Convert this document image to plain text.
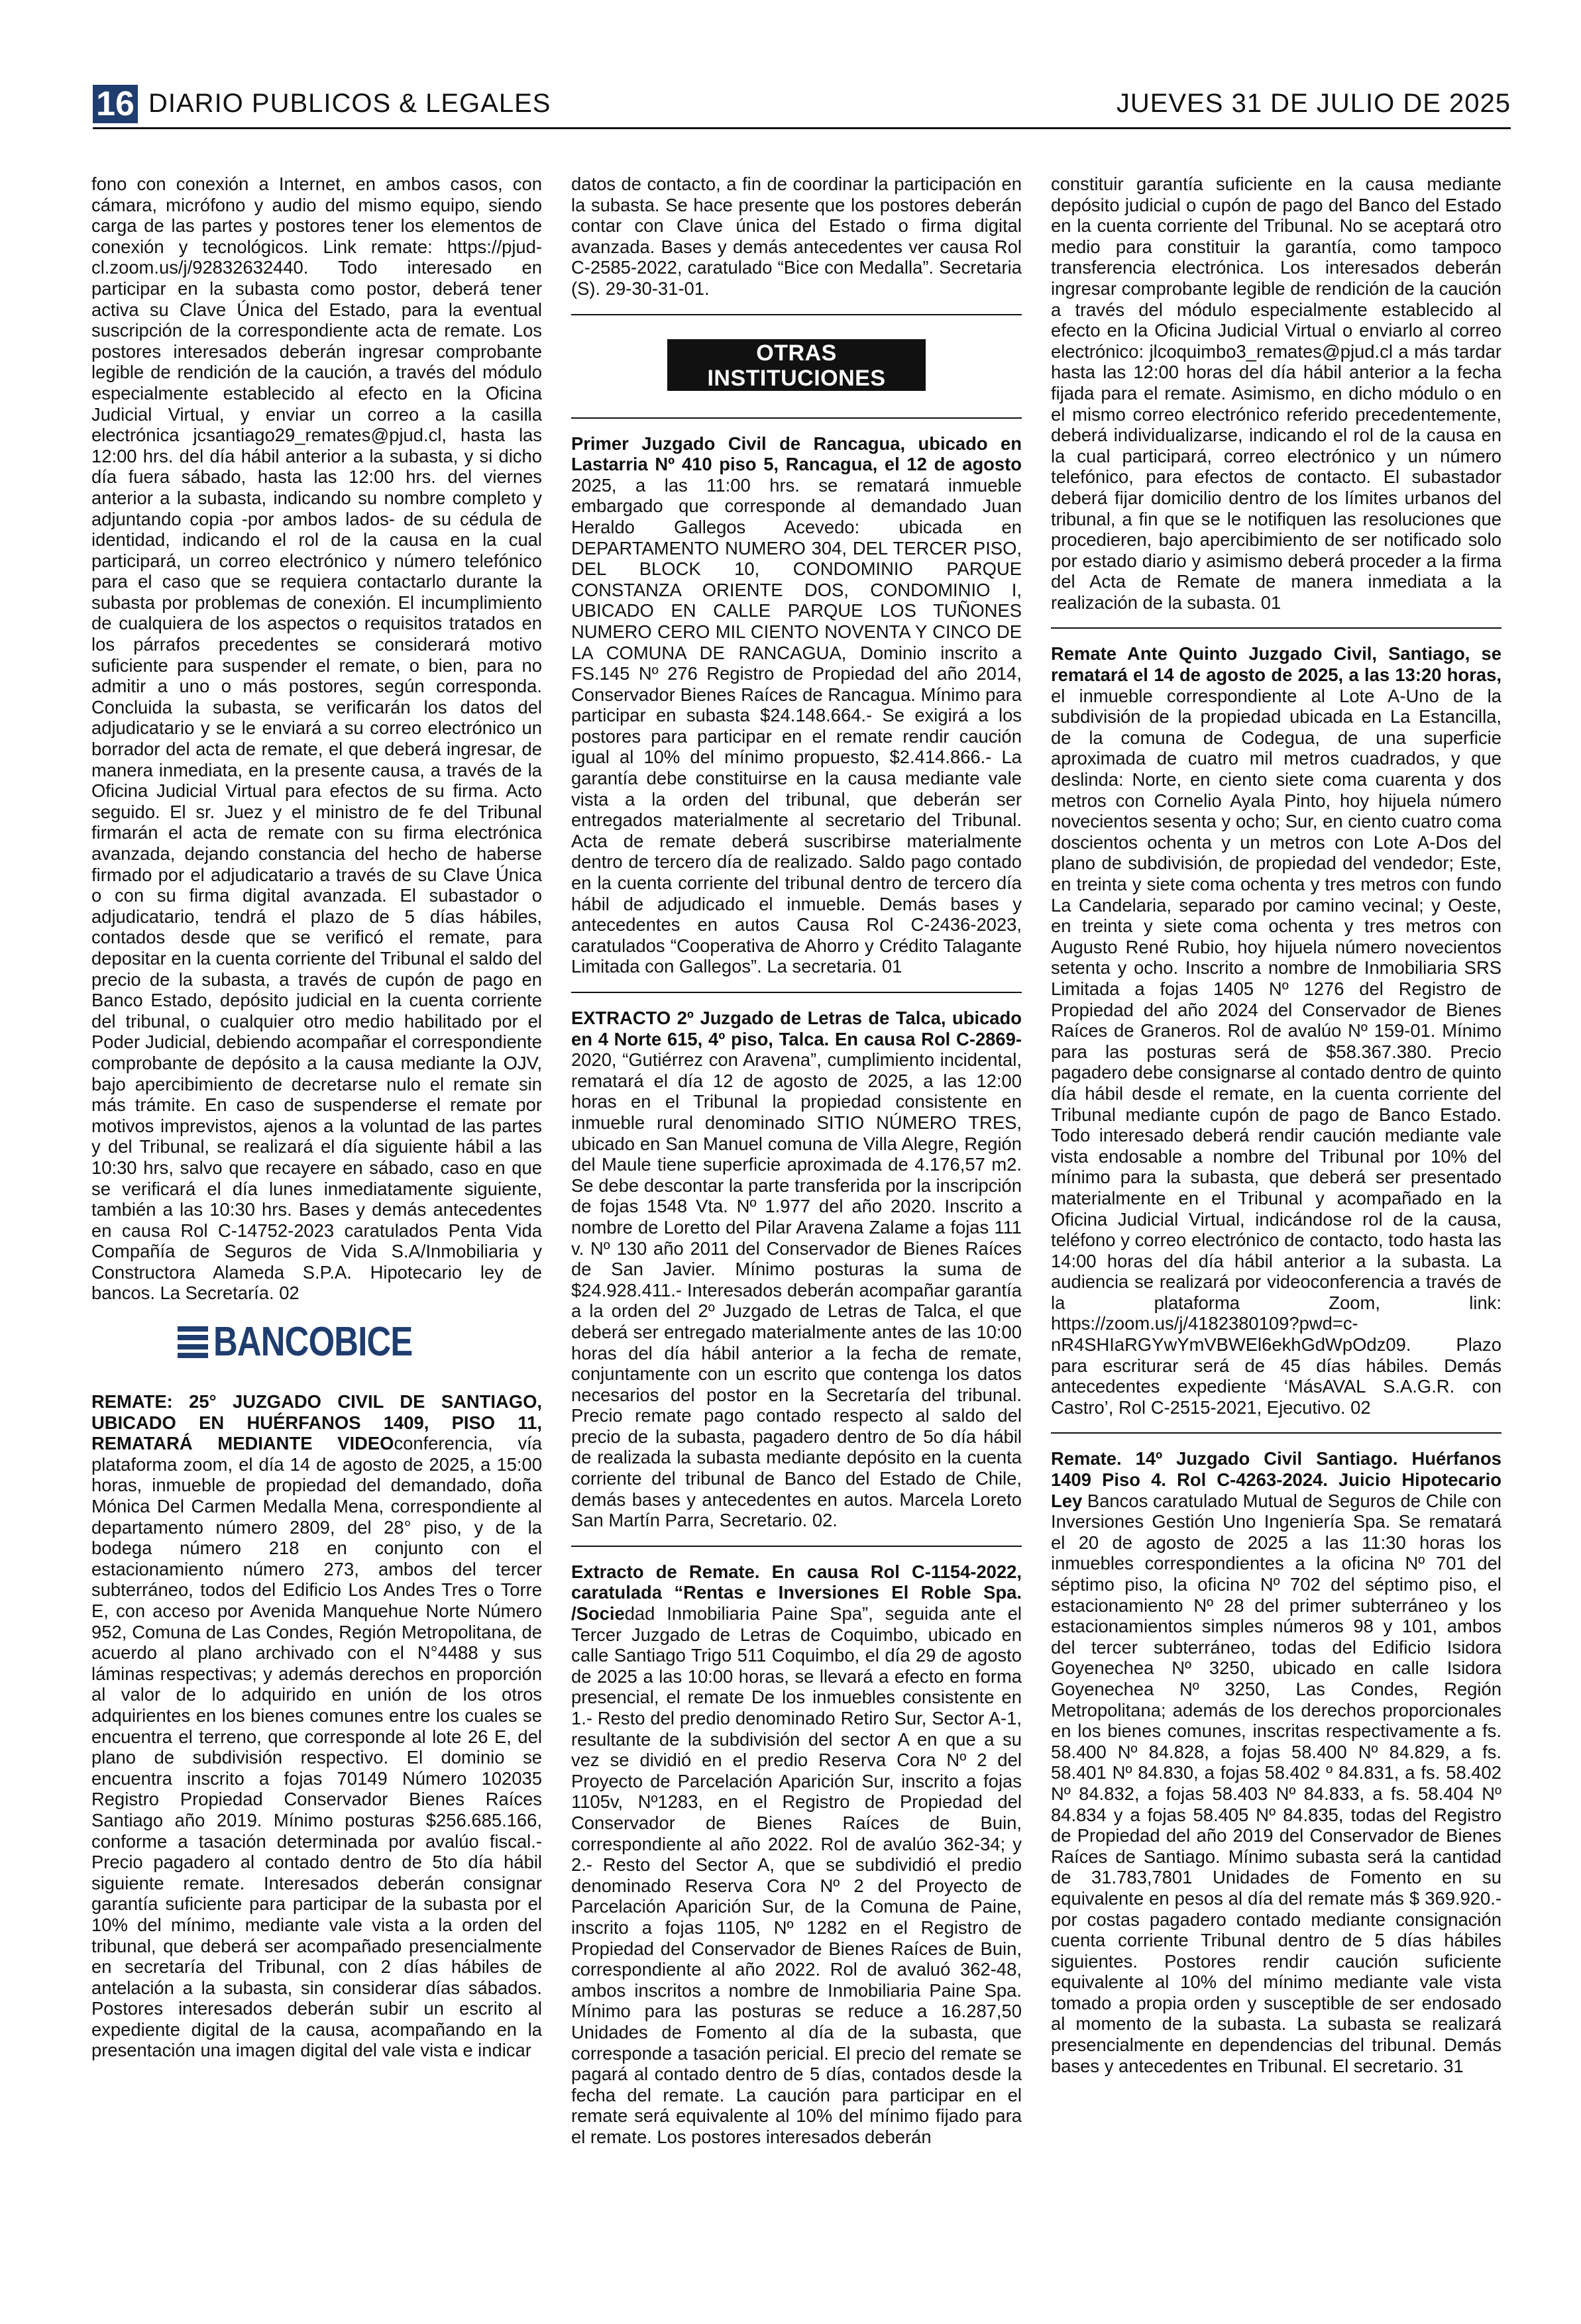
16 DIARIO PUBLICOS & LEGALES	JUEVES 31 DE JULIO DE 2025

fono con conexión a Internet, en ambos casos, con cámara, micrófono y audio del mismo equipo, siendo carga de las partes y postores tener los elementos de conexión y tecnológicos. Link remate: https://pjud-cl.zoom.us/j/92832632440. Todo interesado en participar en la subasta como postor, deberá tener activa su Clave Única del Estado, para la eventual suscripción de la correspondiente acta de remate. Los postores interesados deberán ingresar comprobante legible de rendición de la caución, a través del módulo especialmente establecido al efecto en la Oficina Judicial Virtual, y enviar un correo a la casilla electrónica jcsantiago29_remates@pjud.cl, hasta las 12:00 hrs. del día hábil anterior a la subasta, y si dicho día fuera sábado, hasta las 12:00 hrs. del viernes anterior a la subasta, indicando su nombre completo y adjuntando copia -por ambos lados- de su cédula de identidad, indicando el rol de la causa en la cual participará, un correo electrónico y número telefónico para el caso que se requiera contactarlo durante la subasta por problemas de conexión. El incumplimiento de cualquiera de los aspectos o requisitos tratados en los párrafos precedentes se considerará motivo suficiente para suspender el remate, o bien, para no admitir a uno o más postores, según corresponda. Concluida la subasta, se verificarán los datos del adjudicatario y se le enviará a su correo electrónico un borrador del acta de remate, el que deberá ingresar, de manera inmediata, en la presente causa, a través de la Oficina Judicial Virtual para efectos de su firma. Acto seguido. El sr. Juez y el ministro de fe del Tribunal firmarán el acta de remate con su firma electrónica avanzada, dejando constancia del hecho de haberse firmado por el adjudicatario a través de su Clave Única o con su firma digital avanzada. El subastador o adjudicatario, tendrá el plazo de 5 días hábiles, contados desde que se verificó el remate, para depositar en la cuenta corriente del Tribunal el saldo del precio de la subasta, a través de cupón de pago en Banco Estado, depósito judicial en la cuenta corriente del tribunal, o cualquier otro medio habilitado por el Poder Judicial, debiendo acompañar el correspondiente comprobante de depósito a la causa mediante la OJV, bajo apercibimiento de decretarse nulo el remate sin más trámite. En caso de suspenderse el remate por motivos imprevistos, ajenos a la voluntad de las partes y del Tribunal, se realizará el día siguiente hábil a las 10:30 hrs, salvo que recayere en sábado, caso en que se verificará el día lunes inmediatamente siguiente, también a las 10:30 hrs. Bases y demás antecedentes en causa Rol C-14752-2023 caratulados Penta Vida Compañía de Seguros de Vida S.A/Inmobiliaria y Constructora Alameda S.P.A. Hipotecario ley de bancos. La Secretaría. 02

BANCOBICE

REMATE: 25° JUZGADO CIVIL DE SANTIAGO, UBICADO EN HUÉRFANOS 1409, PISO 11, REMATARÁ MEDIANTE VIDEOconferencia, vía plataforma zoom, el día 14 de agosto de 2025, a 15:00 horas, inmueble de propiedad del demandado, doña Mónica Del Carmen Medalla Mena, correspondiente al departamento número 2809, del 28° piso, y de la bodega número 218 en conjunto con el estacionamiento número 273, ambos del tercer subterráneo, todos del Edificio Los Andes Tres o Torre E, con acceso por Avenida Manquehue Norte Número 952, Comuna de Las Condes, Región Metropolitana, de acuerdo al plano archivado con el N°4488 y sus láminas respectivas; y además derechos en proporción al valor de lo adquirido en unión de los otros adquirientes en los bienes comunes entre los cuales se encuentra el terreno, que corresponde al lote 26 E, del plano de subdivisión respectivo. El dominio se encuentra inscrito a fojas 70149 Número 102035 Registro Propiedad Conservador Bienes Raíces Santiago año 2019. Mínimo posturas $256.685.166, conforme a tasación determinada por avalúo fiscal.- Precio pagadero al contado dentro de 5to día hábil siguiente remate. Interesados deberán consignar garantía suficiente para participar de la subasta por el 10% del mínimo, mediante vale vista a la orden del tribunal, que deberá ser acompañado presencialmente en secretaría del Tribunal, con 2 días hábiles de antelación a la subasta, sin considerar días sábados. Postores interesados deberán subir un escrito al expediente digital de la causa, acompañando en la presentación una imagen digital del vale vista e indicar

datos de contacto, a fin de coordinar la participación en la subasta. Se hace presente que los postores deberán contar con Clave única del Estado o firma digital avanzada. Bases y demás antecedentes ver causa Rol C-2585-2022, caratulado “Bice con Medalla”. Secretaria (S). 29-30-31-01.

OTRAS INSTITUCIONES
Y PARTICULARES

Primer Juzgado Civil de Rancagua, ubicado en Lastarria Nº 410 piso 5, Rancagua, el 12 de agosto 2025, a las 11:00 hrs. se rematará inmueble embargado que corresponde al demandado Juan Heraldo Gallegos Acevedo: ubicada en DEPARTAMENTO NUMERO 304, DEL TERCER PISO, DEL BLOCK 10, CONDOMINIO PARQUE CONSTANZA ORIENTE DOS, CONDOMINIO I, UBICADO EN CALLE PARQUE LOS TUÑONES NUMERO CERO MIL CIENTO NOVENTA Y CINCO DE LA COMUNA DE RANCAGUA, Dominio inscrito a FS.145 Nº 276 Registro de Propiedad del año 2014, Conservador Bienes Raíces de Rancagua. Mínimo para participar en subasta $24.148.664.- Se exigirá a los postores para participar en el remate rendir caución igual al 10% del mínimo propuesto, $2.414.866.- La garantía debe constituirse en la causa mediante vale vista a la orden del tribunal, que deberán ser entregados materialmente al secretario del Tribunal. Acta de remate deberá suscribirse materialmente dentro de tercero día de realizado. Saldo pago contado en la cuenta corriente del tribunal dentro de tercero día hábil de adjudicado el inmueble. Demás bases y antecedentes en autos Causa Rol C-2436-2023, caratulados “Cooperativa de Ahorro y Crédito Talagante Limitada con Gallegos”. La secretaria. 01

EXTRACTO 2º Juzgado de Letras de Talca, ubicado en 4 Norte 615, 4º piso, Talca. En causa Rol C-2869-2020, “Gutiérrez con Aravena”, cumplimiento incidental, rematará el día 12 de agosto de 2025, a las 12:00 horas en el Tribunal la propiedad consistente en inmueble rural denominado SITIO NÚMERO TRES, ubicado en San Manuel comuna de Villa Alegre, Región del Maule tiene superficie aproximada de 4.176,57 m2. Se debe descontar la parte transferida por la inscripción de fojas 1548 Vta. Nº 1.977 del año 2020. Inscrito a nombre de Loretto del Pilar Aravena Zalame a fojas 111 v. Nº 130 año 2011 del Conservador de Bienes Raíces de San Javier. Mínimo posturas la suma de $24.928.411.- Interesados deberán acompañar garantía a la orden del 2º Juzgado de Letras de Talca, el que deberá ser entregado materialmente antes de las 10:00 horas del día hábil anterior a la fecha de remate, conjuntamente con un escrito que contenga los datos necesarios del postor en la Secretaría del tribunal. Precio remate pago contado respecto al saldo del precio de la subasta, pagadero dentro de 5o día hábil de realizada la subasta mediante depósito en la cuenta corriente del tribunal de Banco del Estado de Chile, demás bases y antecedentes en autos. Marcela Loreto San Martín Parra, Secretario. 02.

Extracto de Remate. En causa Rol C-1154-2022, caratulada “Rentas e Inversiones El Roble Spa. /Sociedad Inmobiliaria Paine Spa”, seguida ante el Tercer Juzgado de Letras de Coquimbo, ubicado en calle Santiago Trigo 511 Coquimbo, el día 29 de agosto de 2025 a las 10:00 horas, se llevará a efecto en forma presencial, el remate De los inmuebles consistente en 1.- Resto del predio denominado Retiro Sur, Sector A-1, resultante de la subdivisión del sector A en que a su vez se dividió en el predio Reserva Cora Nº 2 del Proyecto de Parcelación Aparición Sur, inscrito a fojas 1105v, Nº1283, en el Registro de Propiedad del Conservador de Bienes Raíces de Buin, correspondiente al año 2022. Rol de avalúo 362-34; y 2.- Resto del Sector A, que se subdividió el predio denominado Reserva Cora Nº 2 del Proyecto de Parcelación Aparición Sur, de la Comuna de Paine, inscrito a fojas 1105, Nº 1282 en el Registro de Propiedad del Conservador de Bienes Raíces de Buin, correspondiente al año 2022. Rol de avaluó 362-48, ambos inscritos a nombre de Inmobiliaria Paine Spa. Mínimo para las posturas se reduce a 16.287,50 Unidades de Fomento al día de la subasta, que corresponde a tasación pericial. El precio del remate se pagará al contado dentro de 5 días, contados desde la fecha del remate. La caución para participar en el remate será equivalente al 10% del mínimo fijado para el remate. Los postores interesados deberán

constituir garantía suficiente en la causa mediante depósito judicial o cupón de pago del Banco del Estado en la cuenta corriente del Tribunal. No se aceptará otro medio para constituir la garantía, como tampoco transferencia electrónica. Los interesados deberán ingresar comprobante legible de rendición de la caución a través del módulo especialmente establecido al efecto en la Oficina Judicial Virtual o enviarlo al correo electrónico: jlcoquimbo3_remates@pjud.cl a más tardar hasta las 12:00 horas del día hábil anterior a la fecha fijada para el remate. Asimismo, en dicho módulo o en el mismo correo electrónico referido precedentemente, deberá individualizarse, indicando el rol de la causa en la cual participará, correo electrónico y un número telefónico, para efectos de contacto. El subastador deberá fijar domicilio dentro de los límites urbanos del tribunal, a fin que se le notifiquen las resoluciones que procedieren, bajo apercibimiento de ser notificado solo por estado diario y asimismo deberá proceder a la firma del Acta de Remate de manera inmediata a la realización de la subasta. 01

Remate Ante Quinto Juzgado Civil, Santiago, se rematará el 14 de agosto de 2025, a las 13:20 horas, el inmueble correspondiente al Lote A-Uno de la subdivisión de la propiedad ubicada en La Estancilla, de la comuna de Codegua, de una superficie aproximada de cuatro mil metros cuadrados, y que deslinda: Norte, en ciento siete coma cuarenta y dos metros con Cornelio Ayala Pinto, hoy hijuela número novecientos sesenta y ocho; Sur, en ciento cuatro coma doscientos ochenta y un metros con Lote A-Dos del plano de subdivisión, de propiedad del vendedor; Este, en treinta y siete coma ochenta y tres metros con fundo La Candelaria, separado por camino vecinal; y Oeste, en treinta y siete coma ochenta y tres metros con Augusto René Rubio, hoy hijuela número novecientos setenta y ocho. Inscrito a nombre de Inmobiliaria SRS Limitada a fojas 1405 Nº 1276 del Registro de Propiedad del año 2024 del Conservador de Bienes Raíces de Graneros. Rol de avalúo Nº 159-01. Mínimo para las posturas será de $58.367.380. Precio pagadero debe consignarse al contado dentro de quinto día hábil desde el remate, en la cuenta corriente del Tribunal mediante cupón de pago de Banco Estado. Todo interesado deberá rendir caución mediante vale vista endosable a nombre del Tribunal por 10% del mínimo para la subasta, que deberá ser presentado materialmente en el Tribunal y acompañado en la Oficina Judicial Virtual, indicándose rol de la causa, teléfono y correo electrónico de contacto, todo hasta las 14:00 horas del día hábil anterior a la subasta. La audiencia se realizará por videoconferencia a través de la plataforma Zoom, link: https://zoom.us/j/4182380109?pwd=c-nR4SHIaRGYwYmVBWEl6ekhGdWpOdz09. Plazo para escriturar será de 45 días hábiles. Demás antecedentes expediente ‘MásAVAL S.A.G.R. con Castro’, Rol C-2515-2021, Ejecutivo. 02

Remate. 14º Juzgado Civil Santiago. Huérfanos 1409 Piso 4. Rol C-4263-2024. Juicio Hipotecario Ley Bancos caratulado Mutual de Seguros de Chile con Inversiones Gestión Uno Ingeniería Spa. Se rematará el 20 de agosto de 2025 a las 11:30 horas los inmuebles correspondientes a la oficina Nº 701 del séptimo piso, la oficina Nº 702 del séptimo piso, el estacionamiento Nº 28 del primer subterráneo y los estacionamientos simples números 98 y 101, ambos del tercer subterráneo, todas del Edificio Isidora Goyenechea Nº 3250, ubicado en calle Isidora Goyenechea Nº 3250, Las Condes, Región Metropolitana; además de los derechos proporcionales en los bienes comunes, inscritas respectivamente a fs. 58.400 Nº 84.828, a fojas 58.400 Nº 84.829, a fs. 58.401 Nº 84.830, a fojas 58.402 º 84.831, a fs. 58.402 Nº 84.832, a fojas 58.403 Nº 84.833, a fs. 58.404 Nº 84.834 y a fojas 58.405 Nº 84.835, todas del Registro de Propiedad del año 2019 del Conservador de Bienes Raíces de Santiago. Mínimo subasta será la cantidad de 31.783,7801 Unidades de Fomento en su equivalente en pesos al día del remate más $ 369.920.- por costas pagadero contado mediante consignación cuenta corriente Tribunal dentro de 5 días hábiles siguientes. Postores rendir caución suficiente equivalente al 10% del mínimo mediante vale vista tomado a propia orden y susceptible de ser endosado al momento de la subasta. La subasta se realizará presencialmente en dependencias del tribunal. Demás bases y antecedentes en Tribunal. El secretario. 31
